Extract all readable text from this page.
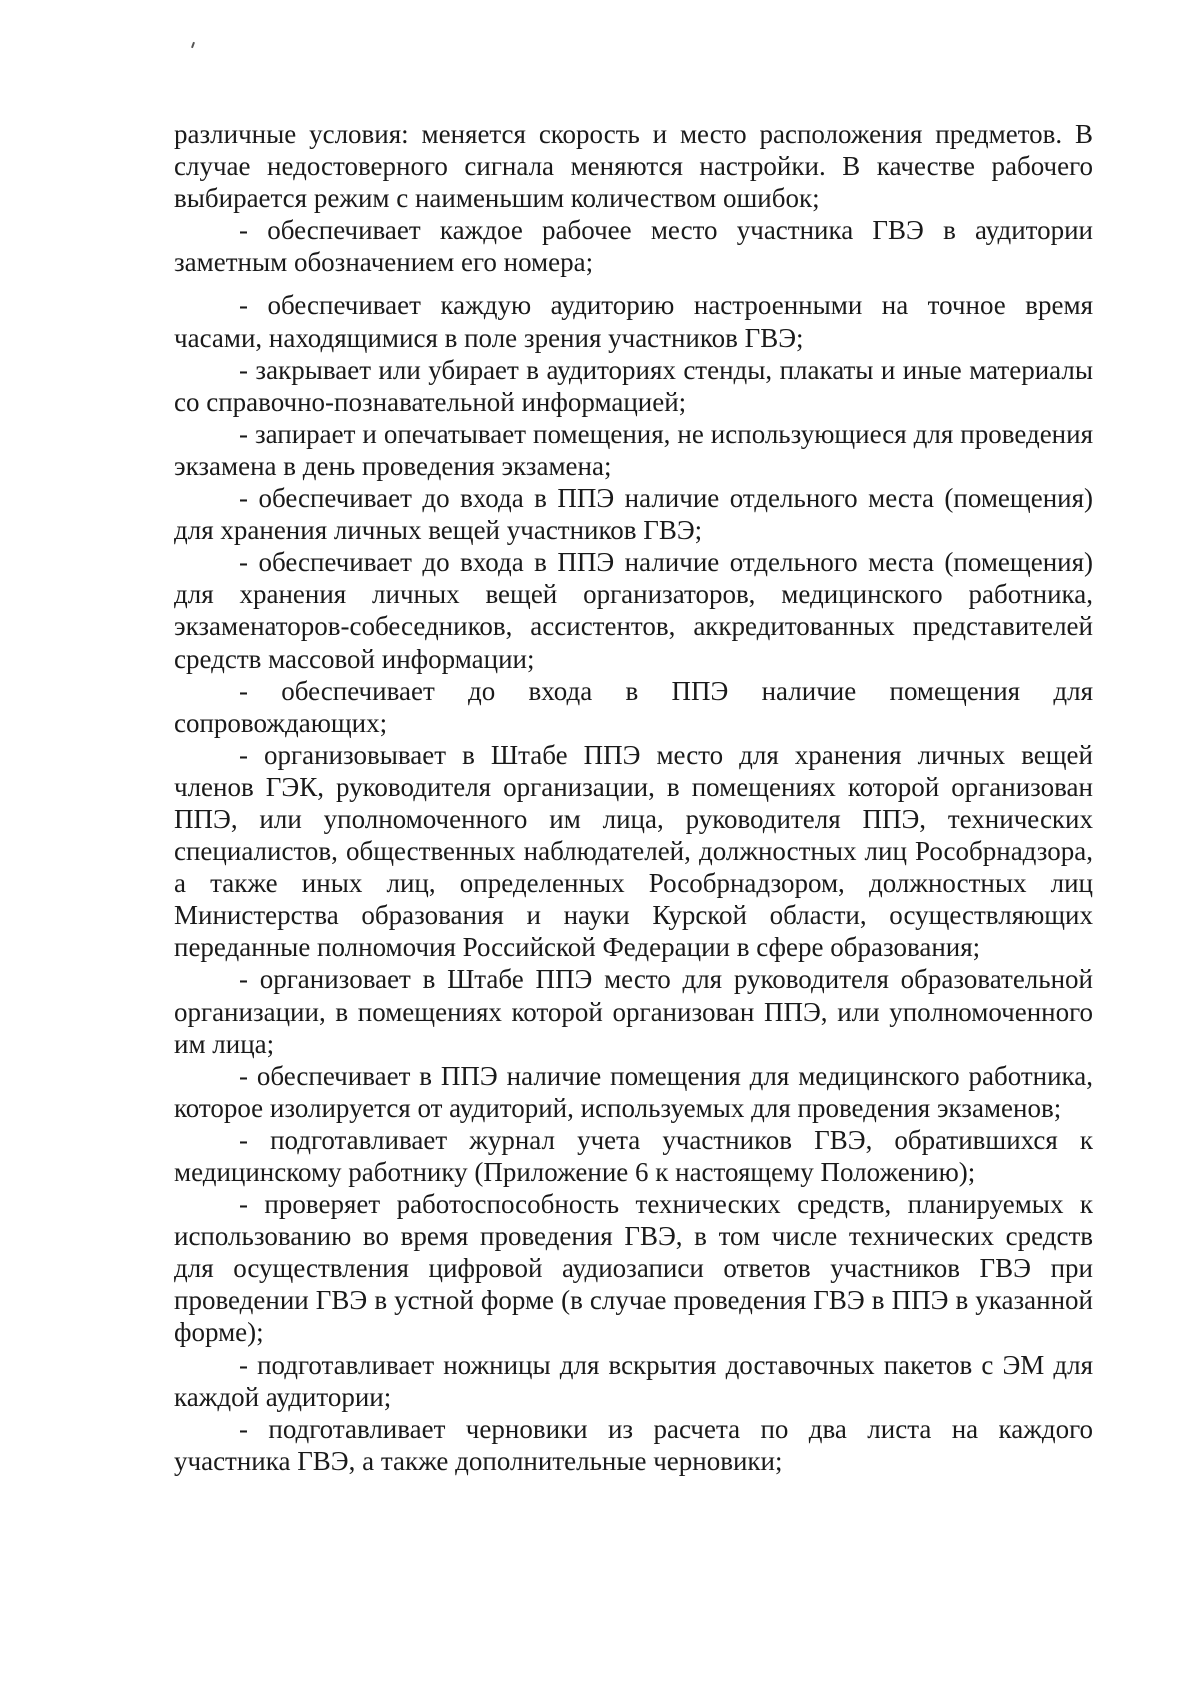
различные условия: меняется скорость и место расположения предметов. В случае недостоверного сигнала меняются настройки. В качестве рабочего выбирается режим с наименьшим количеством ошибок;

- обеспечивает каждое рабочее место участника ГВЭ в аудитории заметным обозначением его номера;

- обеспечивает каждую аудиторию настроенными на точное время часами, находящимися в поле зрения участников ГВЭ;

- закрывает или убирает в аудиториях стенды, плакаты и иные материалы со справочно-познавательной информацией;

- запирает и опечатывает помещения, не использующиеся для проведения экзамена в день проведения экзамена;

- обеспечивает до входа в ППЭ наличие отдельного места (помещения) для хранения личных вещей участников ГВЭ;

- обеспечивает до входа в ППЭ наличие отдельного места (помещения) для хранения личных вещей организаторов, медицинского работника, экзаменаторов-собеседников, ассистентов, аккредитованных представителей средств массовой информации;

- обеспечивает до входа в ППЭ наличие помещения для сопровождающих;

- организовывает в Штабе ППЭ место для хранения личных вещей членов ГЭК, руководителя организации, в помещениях которой организован ППЭ, или уполномоченного им лица, руководителя ППЭ, технических специалистов, общественных наблюдателей, должностных лиц Рособрнадзора, а также иных лиц, определенных Рособрнадзором, должностных лиц Министерства образования и науки Курской области, осуществляющих переданные полномочия Российской Федерации в сфере образования;

- организовает в Штабе ППЭ место для руководителя образовательной организации, в помещениях которой организован ППЭ, или уполномоченного им лица;

- обеспечивает в ППЭ наличие помещения для медицинского работника, которое изолируется от аудиторий, используемых для проведения экзаменов;

- подготавливает журнал учета участников ГВЭ, обратившихся к медицинскому работнику (Приложение 6 к настоящему Положению);

- проверяет работоспособность технических средств, планируемых к использованию во время проведения ГВЭ, в том числе технических средств для осуществления цифровой аудиозаписи ответов участников ГВЭ при проведении ГВЭ в устной форме (в случае проведения ГВЭ в ППЭ в указанной форме);

- подготавливает ножницы для вскрытия доставочных пакетов с ЭМ для каждой аудитории;

- подготавливает черновики из расчета по два листа на каждого участника ГВЭ, а также дополнительные черновики;
